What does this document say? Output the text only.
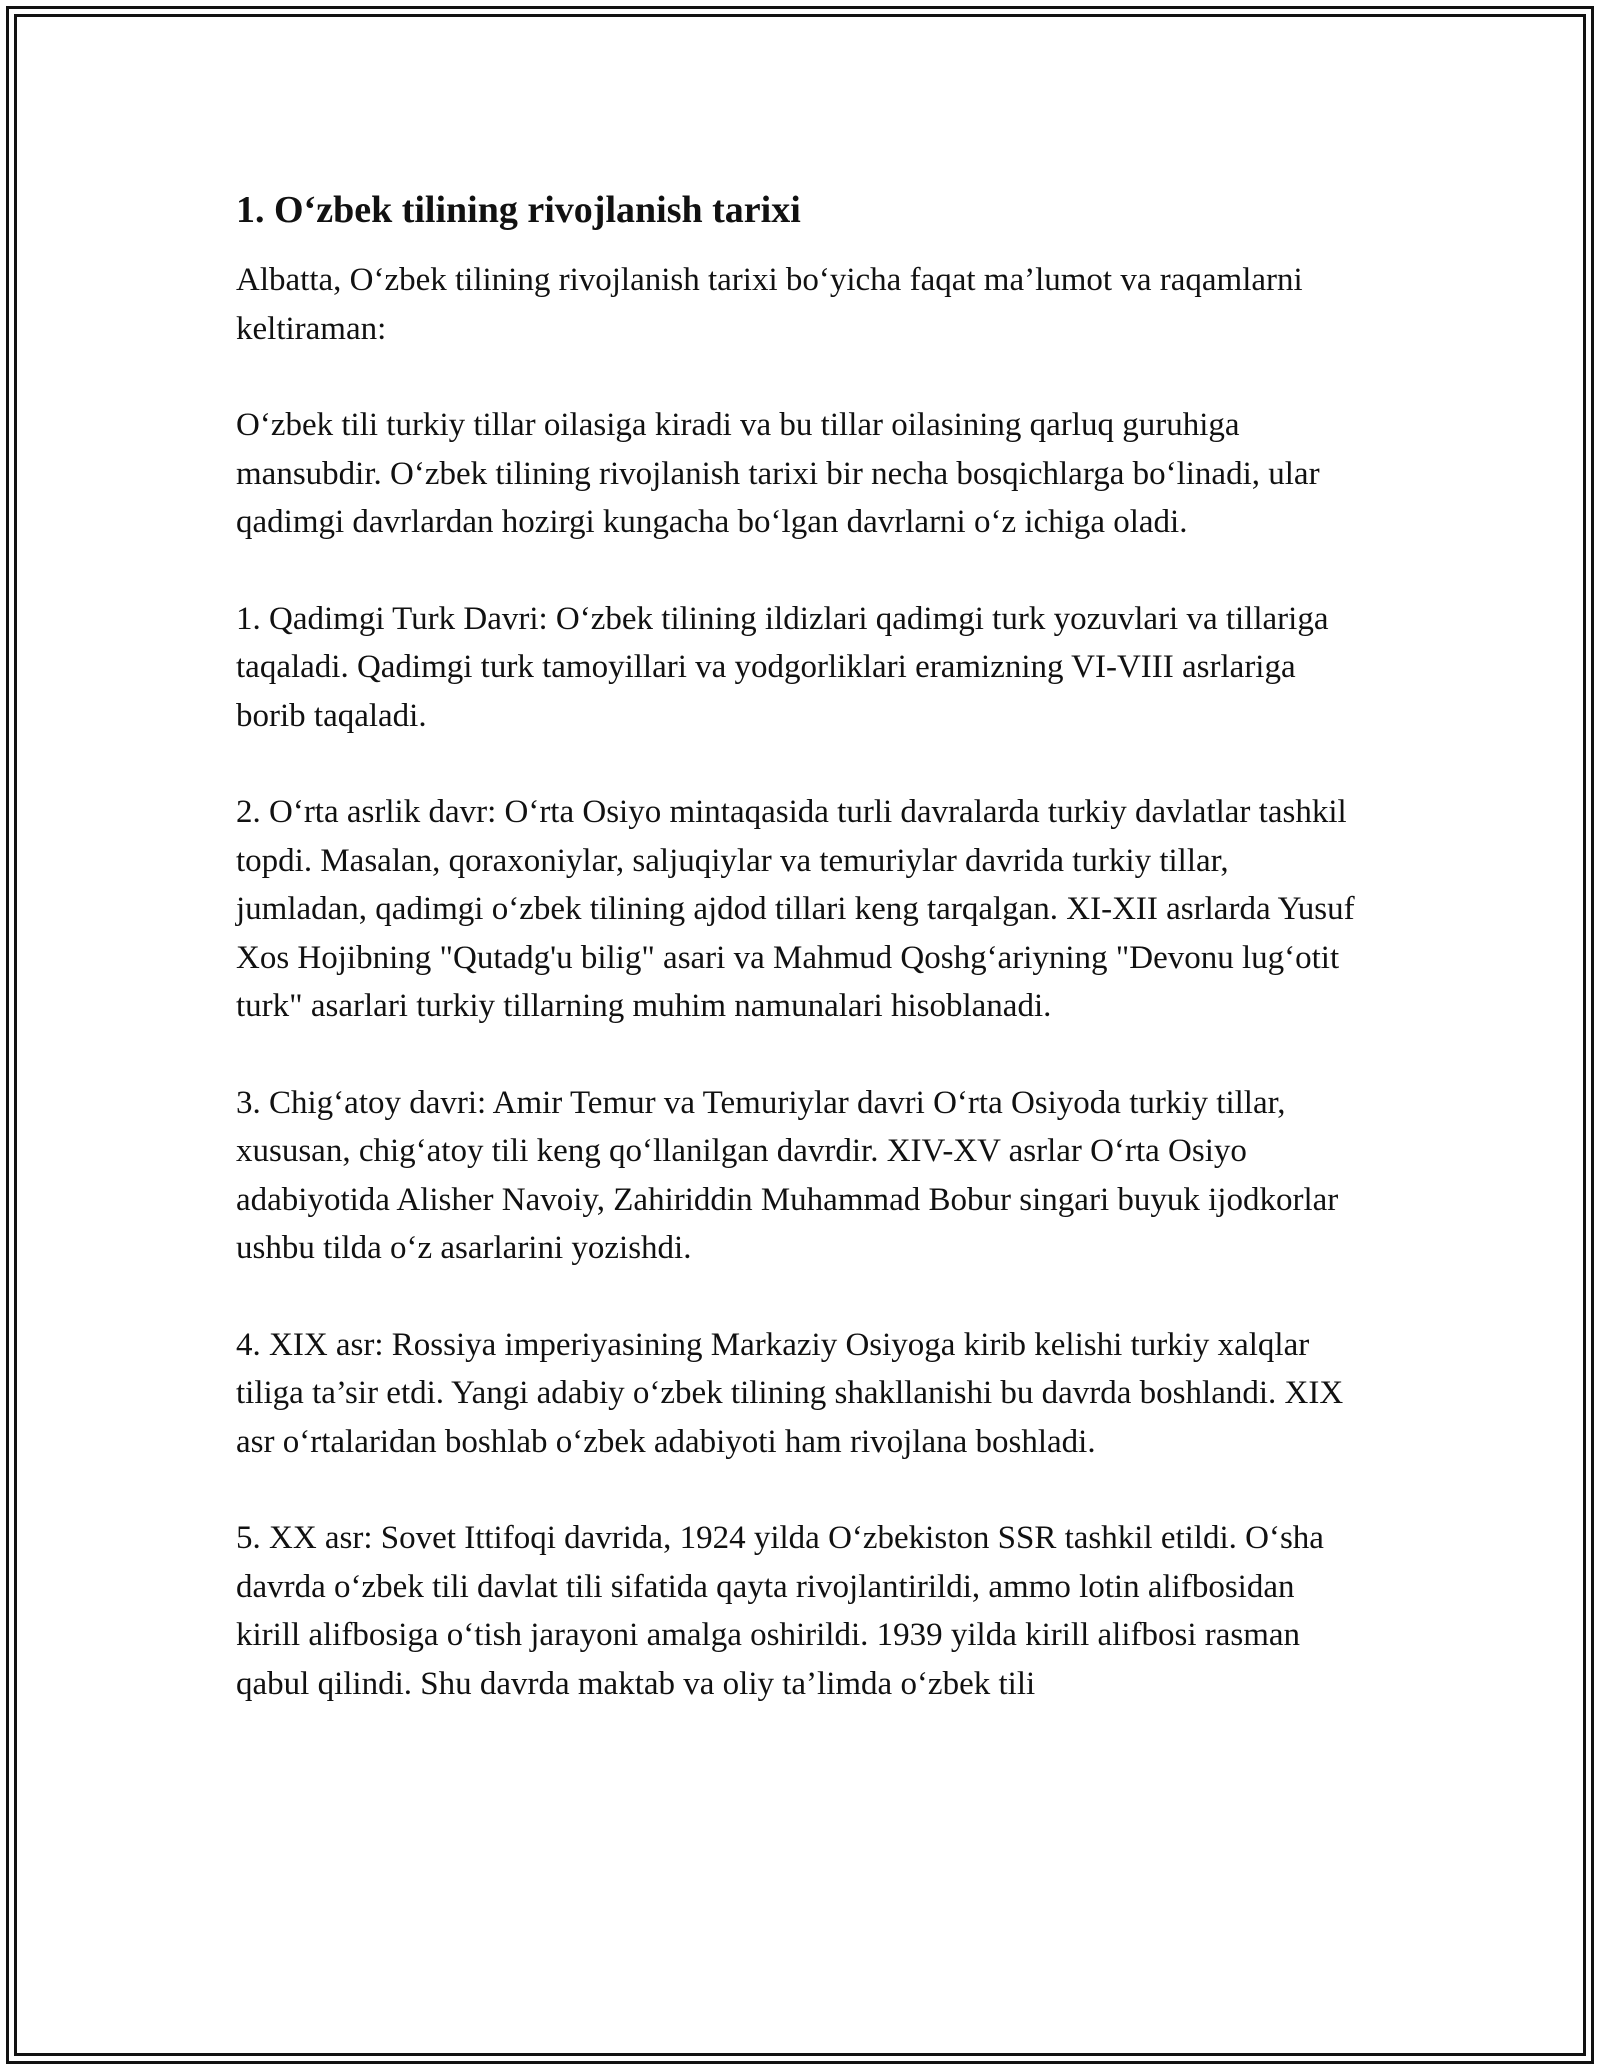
1. O‘zbek tilining rivojlanish tarixi

Albatta, O‘zbek tilining rivojlanish tarixi bo‘yicha faqat ma’lumot va raqamlarni keltiraman:

O‘zbek tili turkiy tillar oilasiga kiradi va bu tillar oilasining qarluq guruhiga mansubdir. O‘zbek tilining rivojlanish tarixi bir necha bosqichlarga bo‘linadi, ular qadimgi davrlardan hozirgi kungacha bo‘lgan davrlarni o‘z ichiga oladi.

1. Qadimgi Turk Davri: O‘zbek tilining ildizlari qadimgi turk yozuvlari va tillariga taqaladi. Qadimgi turk tamoyillari va yodgorliklari eramizning VI-VIII asrlariga borib taqaladi.

2. O‘rta asrlik davr: O‘rta Osiyo mintaqasida turli davralarda turkiy davlatlar tashkil topdi. Masalan, qoraxoniylar, saljuqiylar va temuriylar davrida turkiy tillar, jumladan, qadimgi o‘zbek tilining ajdod tillari keng tarqalgan. XI-XII asrlarda Yusuf Xos Hojibning "Qutadg'u bilig" asari va Mahmud Qoshg‘ariyning "Devonu lug‘otit turk" asarlari turkiy tillarning muhim namunalari hisoblanadi.

3. Chig‘atoy davri: Amir Temur va Temuriylar davri O‘rta Osiyoda turkiy tillar, xususan, chig‘atoy tili keng qo‘llanilgan davrdir. XIV-XV asrlar O‘rta Osiyo adabiyotida Alisher Navoiy, Zahiriddin Muhammad Bobur singari buyuk ijodkorlar ushbu tilda o‘z asarlarini yozishdi.

4. XIX asr: Rossiya imperiyasining Markaziy Osiyoga kirib kelishi turkiy xalqlar tiliga ta’sir etdi. Yangi adabiy o‘zbek tilining shakllanishi bu davrda boshlandi. XIX asr o‘rtalaridan boshlab o‘zbek adabiyoti ham rivojlana boshladi.

5. XX asr: Sovet Ittifoqi davrida, 1924 yilda O‘zbekiston SSR tashkil etildi. O‘sha davrda o‘zbek tili davlat tili sifatida qayta rivojlantirildi, ammo lotin alifbosidan kirill alifbosiga o‘tish jarayoni amalga oshirildi. 1939 yilda kirill alifbosi rasman qabul qilindi. Shu davrda maktab va oliy ta’limda o‘zbek tili
